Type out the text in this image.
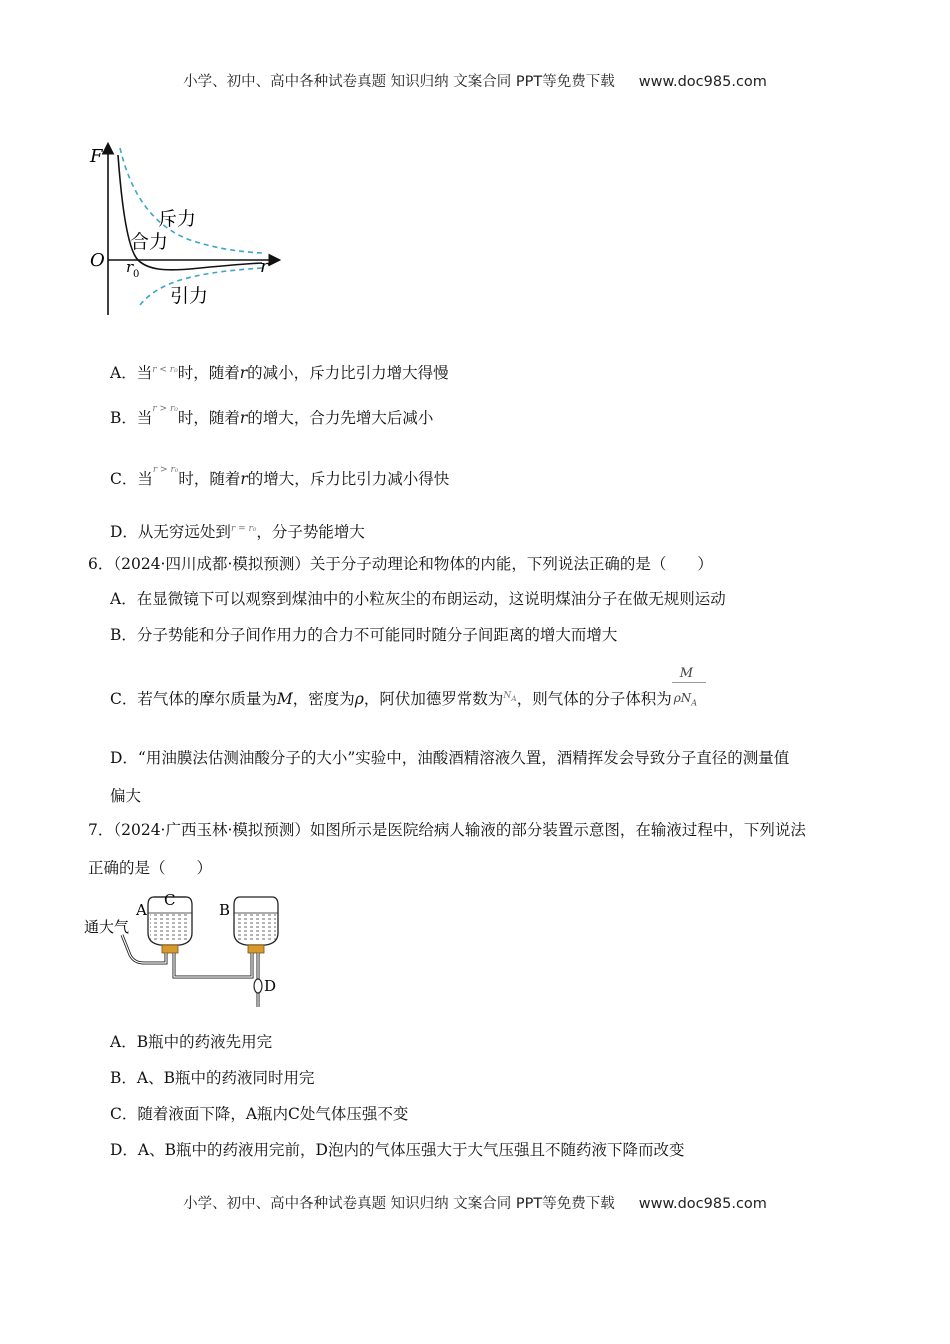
小学、初中、高中各种试卷真题 知识归纳 文案合同 PPT等免费下载 www.doc985.com
F
r
O r 0
斥力
合力
引力
A．当$^{r < r_0}$时，随着r的减小，斥力比引力增大得慢
B．当$^{r > r_0}$时，随着r的增大，合力先增大后减小
C．当$^{r > r_0}$时，随着r的增大，斥力比引力减小得快
D．从无穷远处到$^{r = r_0}$，分子势能增大
6．（2024·四川成都·模拟预测）关于分子动理论和物体的内能，下列说法正确的是（　　）
A．在显微镜下可以观察到煤油中的小粒灰尘的布朗运动，这说明煤油分子在做无规则运动
B．分子势能和分子间作用力的合力不可能同时随分子间距离的增大而增大
C．若气体的摩尔质量为M，密度为ρ，阿伏加德罗常数为$^{N_A}$，则气体的分子体积为 $\frac{M}{\rho N_A}$
D．“用油膜法估测油酸分子的大小”实验中，油酸酒精溶液久置，酒精挥发会导致分子直径的测量值
偏大
7．（2024·广西玉林·模拟预测）如图所示是医院给病人输液的部分装置示意图，在输液过程中，下列说法
正确的是（　　）
通大气
A
C
B
D
A．B瓶中的药液先用完
B．A、B瓶中的药液同时用完
C．随着液面下降，A瓶内C处气体压强不变
D．A、B瓶中的药液用完前，D泡内的气体压强大于大气压强且不随药液下降而改变
小学、初中、高中各种试卷真题 知识归纳 文案合同 PPT等免费下载 www.doc985.com
